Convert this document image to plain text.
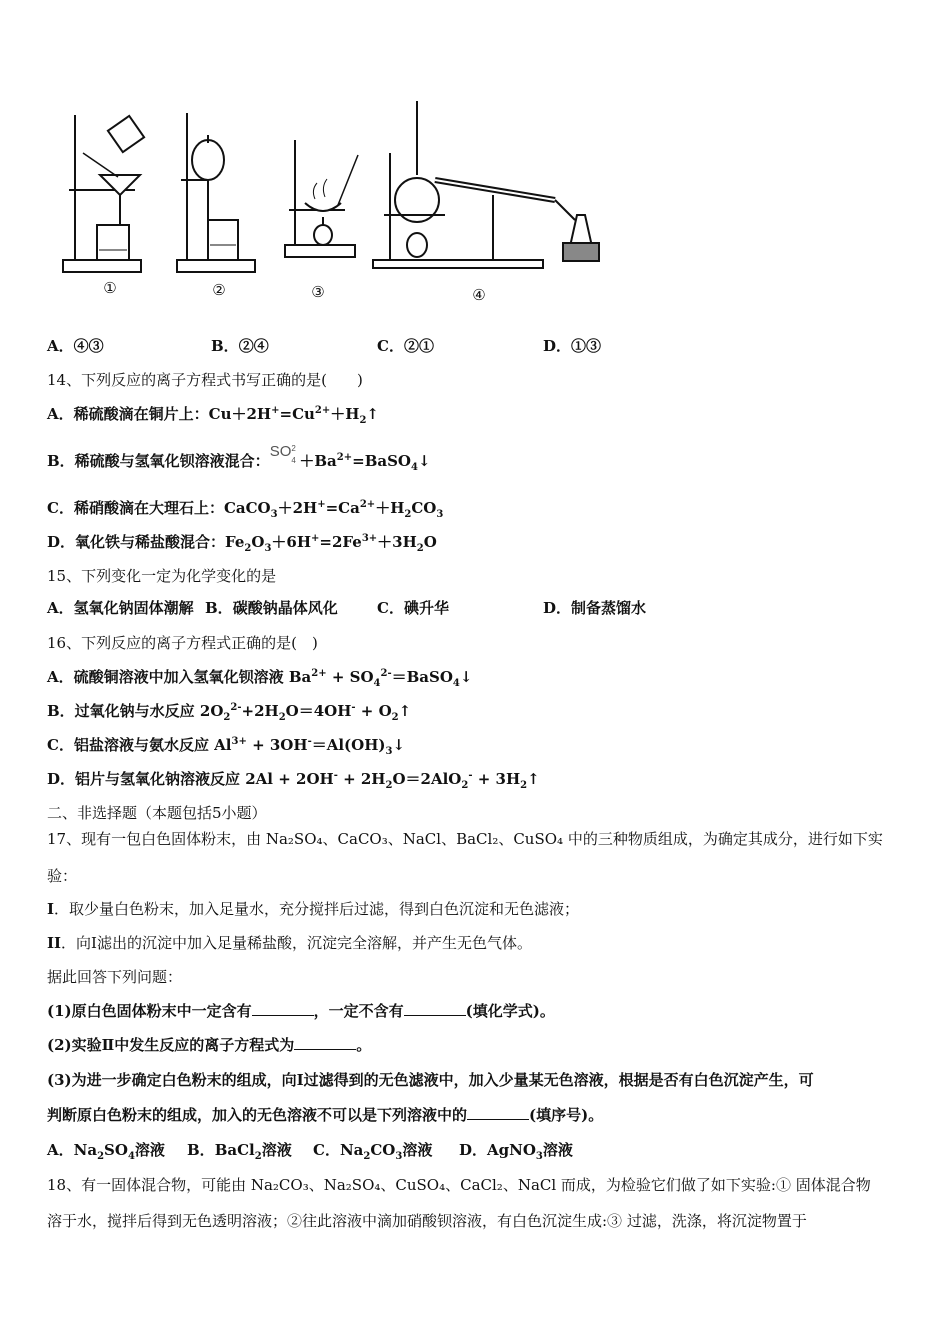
①	②	③	④
A．④③	B．②④	C．②①	D．①③
14、下列反应的离子方程式书写正确的是(　　)
A．稀硫酸滴在铜片上：$Cu+2H^+=Cu^{2+}+H_2↑$
B．稀硫酸与氢氧化钡溶液混合：SO 2
$4 +Ba^{2+}=BaSO_4↓$
C．稀硝酸滴在大理石上：$CaCO_3+2H^+=Ca^{2+}+H_2CO_3$
D．氧化铁与稀盐酸混合：$Fe_2O_3+6H^+=2Fe^{3+}+3H_2O$
15、下列变化一定为化学变化的是
A．氢氧化钠固体潮解 B．碳酸钠晶体风化	C．碘升华	D．制备蒸馏水
16、下列反应的离子方程式正确的是(　)
A．硫酸铜溶液中加入氢氧化钡溶液 $Ba^{2+}$ + $SO_4^{2-}=BaSO_4↓$
B．过氧化钠与水反应 $2O_2^{2-}+2H_2O=4OH^-$ + $O_2↑$
C．铝盐溶液与氨水反应 $Al^{3+}$ + $3OH^-=Al(OH)_3↓$
D．铝片与氢氧化钠溶液反应 $2Al + 2OH^- + 2H_2O=2AlO_2^-$ + $3H_2↑$
二、非选择题（本题包括5小题）
17、现有一包白色固体粉末，由 Na₂SO₄、CaCO₃、NaCl、BaCl₂、CuSO₄ 中的三种物质组成，为确定其成分，进行如下实
验：
I．取少量白色粉末，加入足量水，充分搅拌后过滤，得到白色沉淀和无色滤液；
II．向Ⅰ滤出的沉淀中加入足量稀盐酸，沉淀完全溶解，并产生无色气体。
据此回答下列问题：
(1)原白色固体粉末中一定含有	，一定不含有	(填化学式)。
(2)实验Ⅱ中发生反应的离子方程式为	。
(3)为进一步确定白色粉末的组成，向Ⅰ过滤得到的无色滤液中，加入少量某无色溶液，根据是否有白色沉淀产生，可
判断原白色粉末的组成，加入的无色溶液不可以是下列溶液中的	(填序号)。
A．$Na_2SO_4$溶液 B．BaCl$_2$溶液 C．$Na_2CO_3$溶液 D．AgNO$_3$溶液
18、有一固体混合物，可能由 Na₂CO₃、Na₂SO₄、CuSO₄、CaCl₂、NaCl 而成，为检验它们做了如下实验:① 固体混合物
溶于水，搅拌后得到无色透明溶液；②往此溶液中滴加硝酸钡溶液，有白色沉淀生成:③ 过滤，洗涤，将沉淀物置于
